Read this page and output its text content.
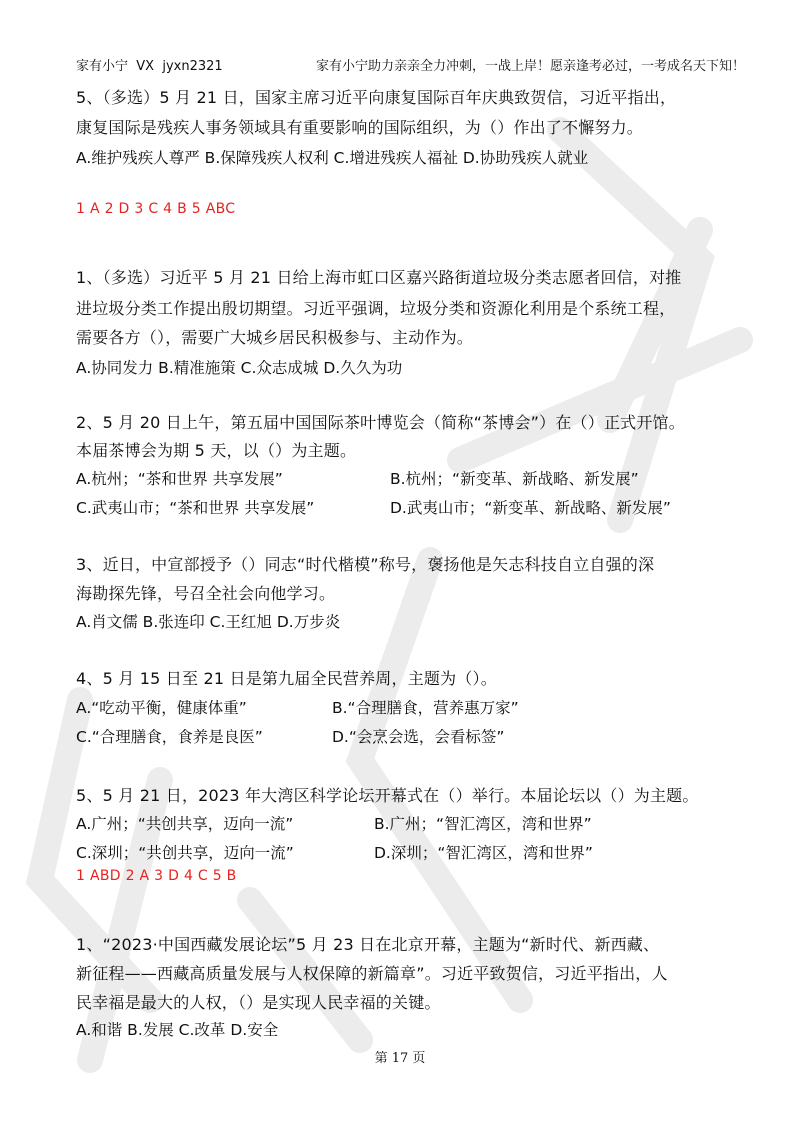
家有小宁  VX  jyxn2321	家有小宁助力亲亲全力冲刺，一战上岸！愿亲逢考必过，一考成名天下知！
5、（多选）5 月 21 日，国家主席习近平向康复国际百年庆典致贺信，习近平指出，
康复国际是残疾人事务领域具有重要影响的国际组织，为（）作出了不懈努力。
A.维护残疾人尊严 B.保障残疾人权利 C.增进残疾人福祉 D.协助残疾人就业
1 A 2 D 3 C 4 B 5 ABC
1、（多选）习近平 5 月 21 日给上海市虹口区嘉兴路街道垃圾分类志愿者回信，对推
进垃圾分类工作提出殷切期望。习近平强调，垃圾分类和资源化利用是个系统工程，
需要各方（），需要广大城乡居民积极参与、主动作为。
A.协同发力 B.精准施策 C.众志成城 D.久久为功
2、5 月 20 日上午，第五届中国国际茶叶博览会（简称“茶博会”）在（）正式开馆。
本届茶博会为期 5 天，以（）为主题。
A.杭州；“茶和世界 共享发展”	B.杭州；“新变革、新战略、新发展”
C.武夷山市；“茶和世界 共享发展”	D.武夷山市；“新变革、新战略、新发展”
3、近日，中宣部授予（）同志“时代楷模”称号，褒扬他是矢志科技自立自强的深
海勘探先锋，号召全社会向他学习。
A.肖文儒 B.张连印 C.王红旭 D.万步炎
4、5 月 15 日至 21 日是第九届全民营养周，主题为（）。
A.“吃动平衡，健康体重”	B.“合理膳食，营养惠万家”
C.“合理膳食，食养是良医”	D.“会烹会选，会看标签”
5、5 月 21 日，2023 年大湾区科学论坛开幕式在（）举行。本届论坛以（）为主题。
A.广州；“共创共享，迈向一流”	B.广州；“智汇湾区，湾和世界”
C.深圳；“共创共享，迈向一流”	D.深圳；“智汇湾区，湾和世界”
1 ABD 2 A 3 D 4 C 5 B
1、“2023·中国西藏发展论坛”5 月 23 日在北京开幕，主题为“新时代、新西藏、
新征程——西藏高质量发展与人权保障的新篇章”。习近平致贺信，习近平指出，人
民幸福是最大的人权，（）是实现人民幸福的关键。
A.和谐 B.发展 C.改革 D.安全
第 17 页
